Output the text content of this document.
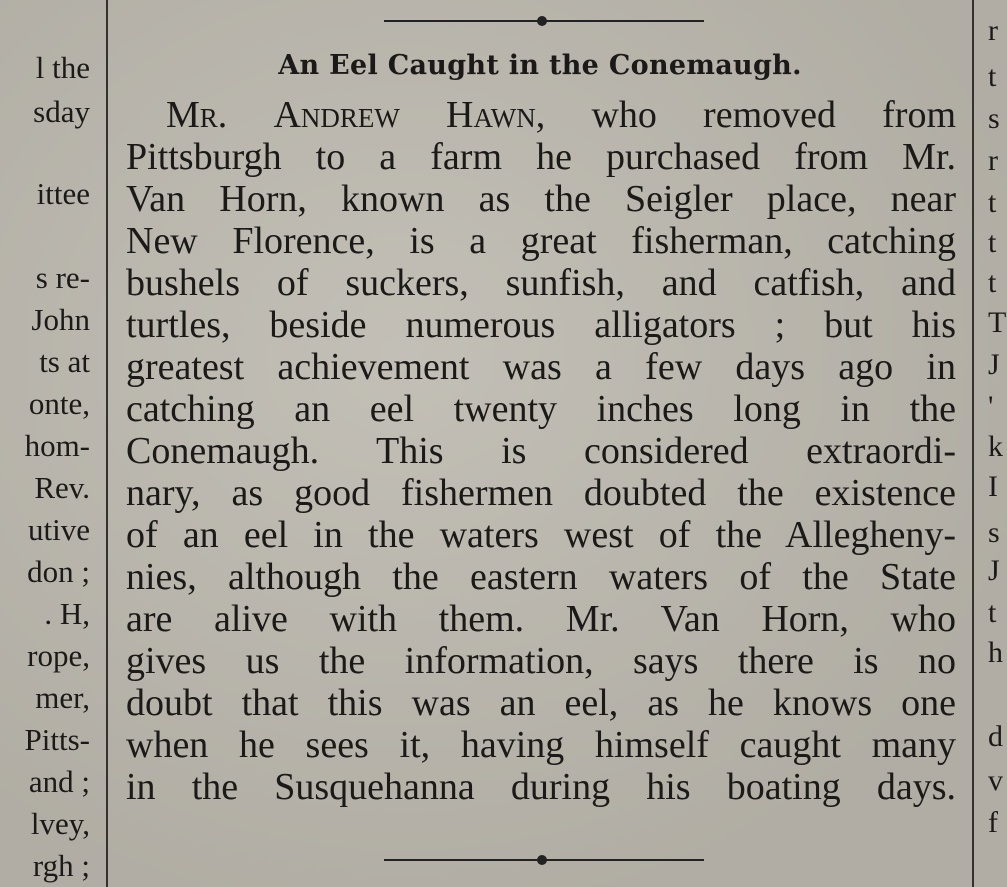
l the
sday
ittee
s re-
John
ts at
onte,
hom-
Rev.
utive
don ;
. H,
rope,
mer,
Pitts-
and ;
lvey,
rgh ;
r
t
s
r
t
t
t
T
J
'
k
I
s
J
t
h
d
v
f
An Eel Caught in the Conemaugh.
Mr. Andrew Hawn, who removed from
Pittsburgh to a farm he purchased from Mr.
Van Horn, known as the Seigler place, near
New Florence, is a great fisherman, catching
bushels of suckers, sunfish, and catfish, and
turtles, beside numerous alligators ; but his
greatest achievement was a few days ago in
catching an eel twenty inches long in the
Conemaugh. This is considered extraordi-
nary, as good fishermen doubted the existence
of an eel in the waters west of the Allegheny-
nies, although the eastern waters of the State
are alive with them. Mr. Van Horn, who
gives us the information, says there is no
doubt that this was an eel, as he knows one
when he sees it, having himself caught many
in the Susquehanna during his boating days.
